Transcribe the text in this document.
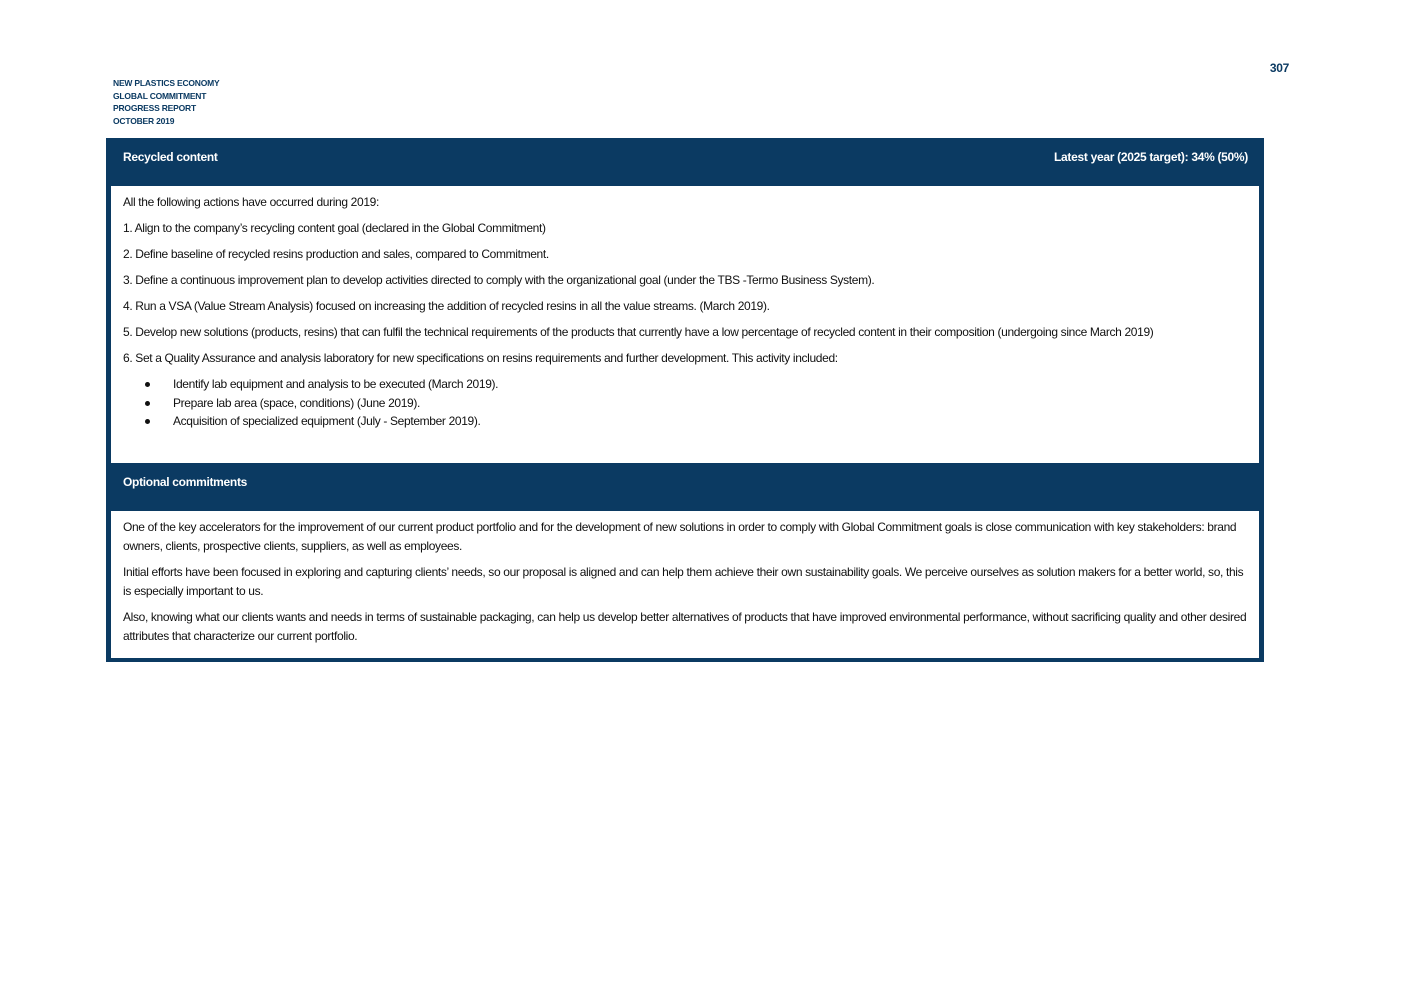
307
NEW PLASTICS ECONOMY
GLOBAL COMMITMENT
PROGRESS REPORT
OCTOBER 2019
Recycled content	Latest year (2025 target): 34% (50%)

All the following actions have occurred during 2019:

1. Align to the company’s recycling content goal (declared in the Global Commitment)

2. Define baseline of recycled resins production and sales, compared to Commitment.

3. Define a continuous improvement plan to develop activities directed to comply with the organizational goal (under the TBS -Termo Business System).

4. Run a VSA (Value Stream Analysis) focused on increasing the addition of recycled resins in all the value streams. (March 2019).

5. Develop new solutions (products, resins) that can fulfil the technical requirements of the products that currently have a low percentage of recycled content in their composition (undergoing since March 2019)

6. Set a Quality Assurance and analysis laboratory for new specifications on resins requirements and further development. This activity included:

Identify lab equipment and analysis to be executed (March 2019).
Prepare lab area (space, conditions) (June 2019).
Acquisition of specialized equipment (July - September 2019).
Optional commitments

One of the key accelerators for the improvement of our current product portfolio and for the development of new solutions in order to comply with Global Commitment goals is close communication with key stakeholders: brand owners, clients, prospective clients, suppliers, as well as employees.

Initial efforts have been focused in exploring and capturing clients’ needs, so our proposal is aligned and can help them achieve their own sustainability goals. We perceive ourselves as solution makers for a better world, so, this is especially important to us.

Also, knowing what our clients wants and needs in terms of sustainable packaging, can help us develop better alternatives of products that have improved environmental performance, without sacrificing quality and other desired attributes that characterize our current portfolio.
